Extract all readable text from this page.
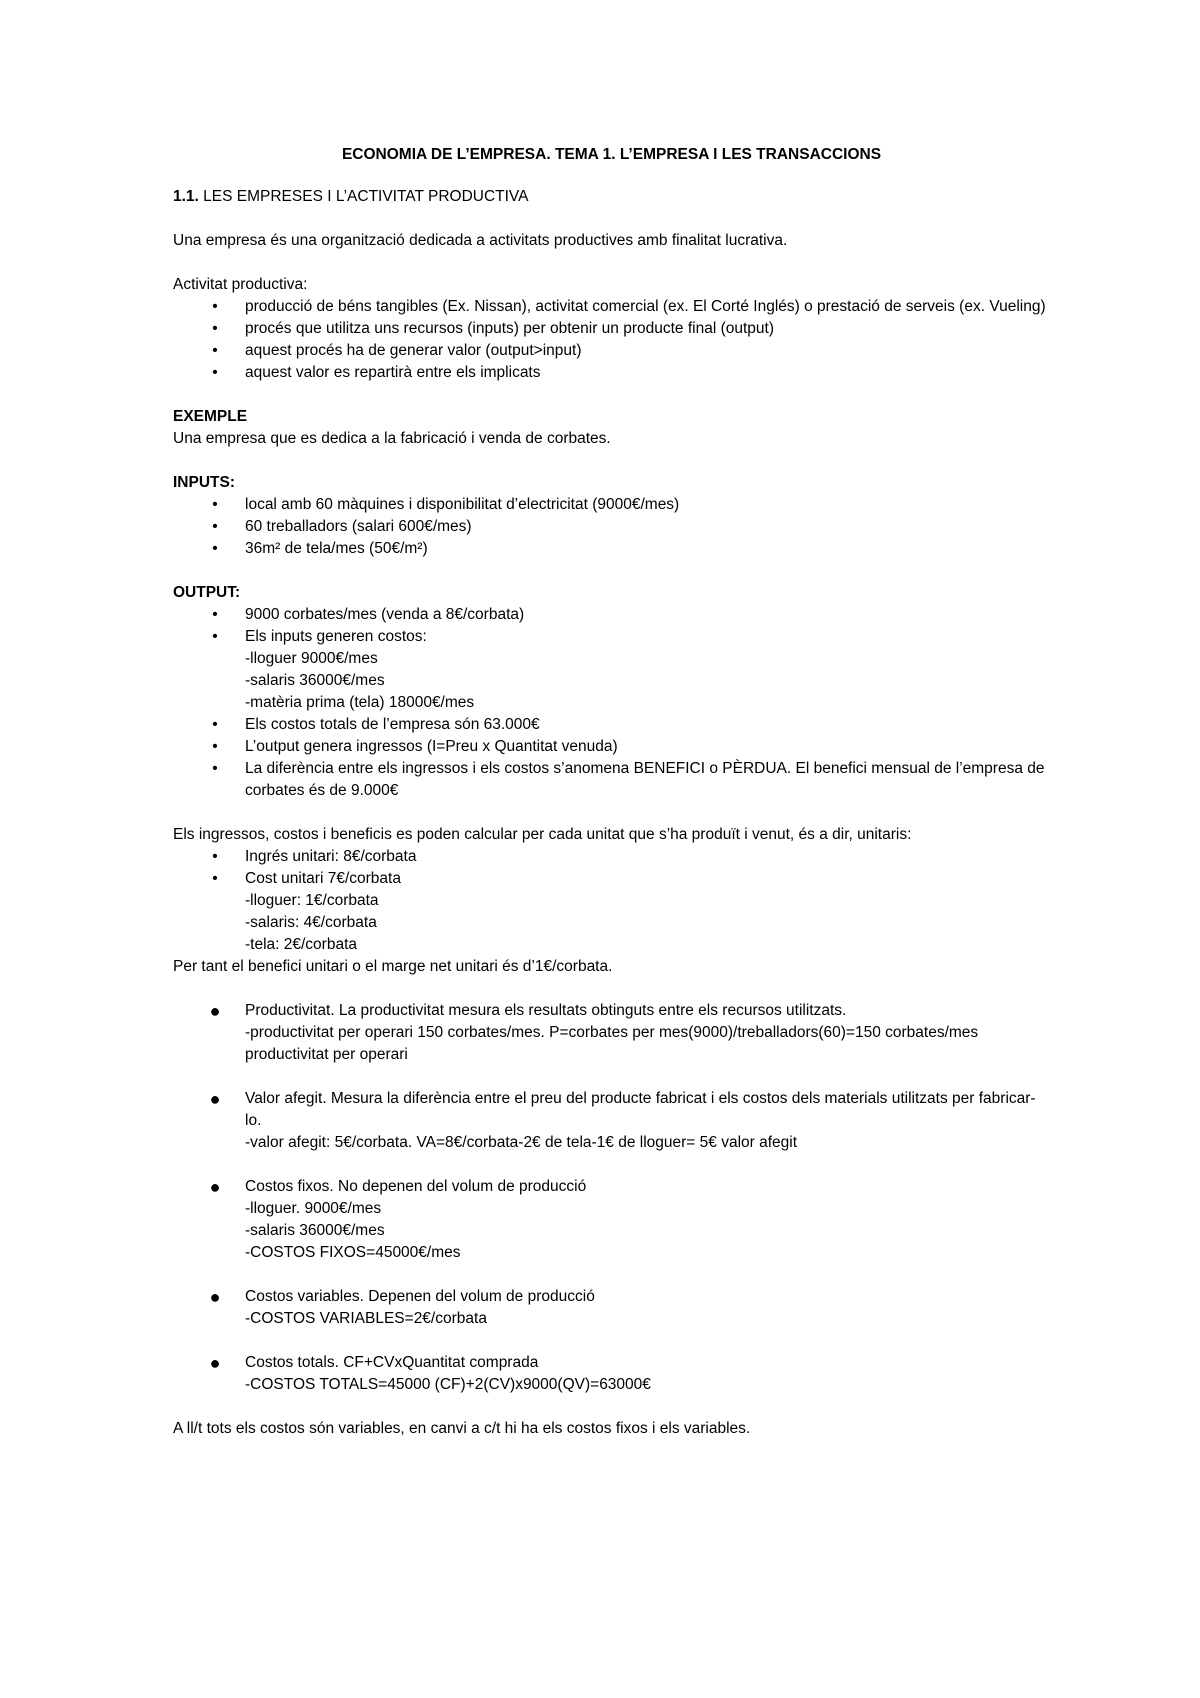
ECONOMIA DE L’EMPRESA. TEMA 1. L’EMPRESA I LES TRANSACCIONS

1.1. LES EMPRESES I L’ACTIVITAT PRODUCTIVA

Una empresa és una organització dedicada a activitats productives amb finalitat lucrativa.

Activitat productiva:

•	producció de béns tangibles (Ex. Nissan), activitat comercial (ex. El Corté Inglés) o prestació de serveis (ex. Vueling)
•	procés que utilitza uns recursos (inputs) per obtenir un producte final (output)
•	aquest procés ha de generar valor (output>input)
•	aquest valor es repartirà entre els implicats

EXEMPLE

Una empresa que es dedica a la fabricació i venda de corbates.

INPUTS:

•	local amb 60 màquines i disponibilitat d’electricitat (9000€/mes)
•	60 treballadors (salari 600€/mes)
•	36m² de tela/mes (50€/m²)

OUTPUT:

•	9000 corbates/mes (venda a 8€/corbata)
•	Els inputs generen costos:
-lloguer 9000€/mes
-salaris 36000€/mes
-matèria prima (tela) 18000€/mes
•	Els costos totals de l’empresa són 63.000€
•	L’output genera ingressos (I=Preu x Quantitat venuda)
•	La diferència entre els ingressos i els costos s’anomena BENEFICI o PÈRDUA. El benefici mensual de l’empresa de corbates és de 9.000€

Els ingressos, costos i beneficis es poden calcular per cada unitat que s’ha produït i venut, és a dir, unitaris:

•	Ingrés unitari: 8€/corbata
•	Cost unitari 7€/corbata
-lloguer: 1€/corbata
-salaris: 4€/corbata
-tela: 2€/corbata

Per tant el benefici unitari o el marge net unitari és d’1€/corbata.

● Productivitat. La productivitat mesura els resultats obtinguts entre els recursos utilitzats.
-productivitat per operari 150 corbates/mes. P=corbates per mes(9000)/treballadors(60)=150 corbates/mes productivitat per operari
● Valor afegit. Mesura la diferència entre el preu del producte fabricat i els costos dels materials utilitzats per fabricar-lo.
-valor afegit: 5€/corbata. VA=8€/corbata-2€ de tela-1€ de lloguer= 5€ valor afegit
● Costos fixos. No depenen del volum de producció
-lloguer. 9000€/mes
-salaris 36000€/mes
-COSTOS FIXOS=45000€/mes
● Costos variables. Depenen del volum de producció
-COSTOS VARIABLES=2€/corbata
● Costos totals. CF+CVxQuantitat comprada
-COSTOS TOTALS=45000 (CF)+2(CV)x9000(QV)=63000€

A ll/t tots els costos són variables, en canvi a c/t hi ha els costos fixos i els variables.
